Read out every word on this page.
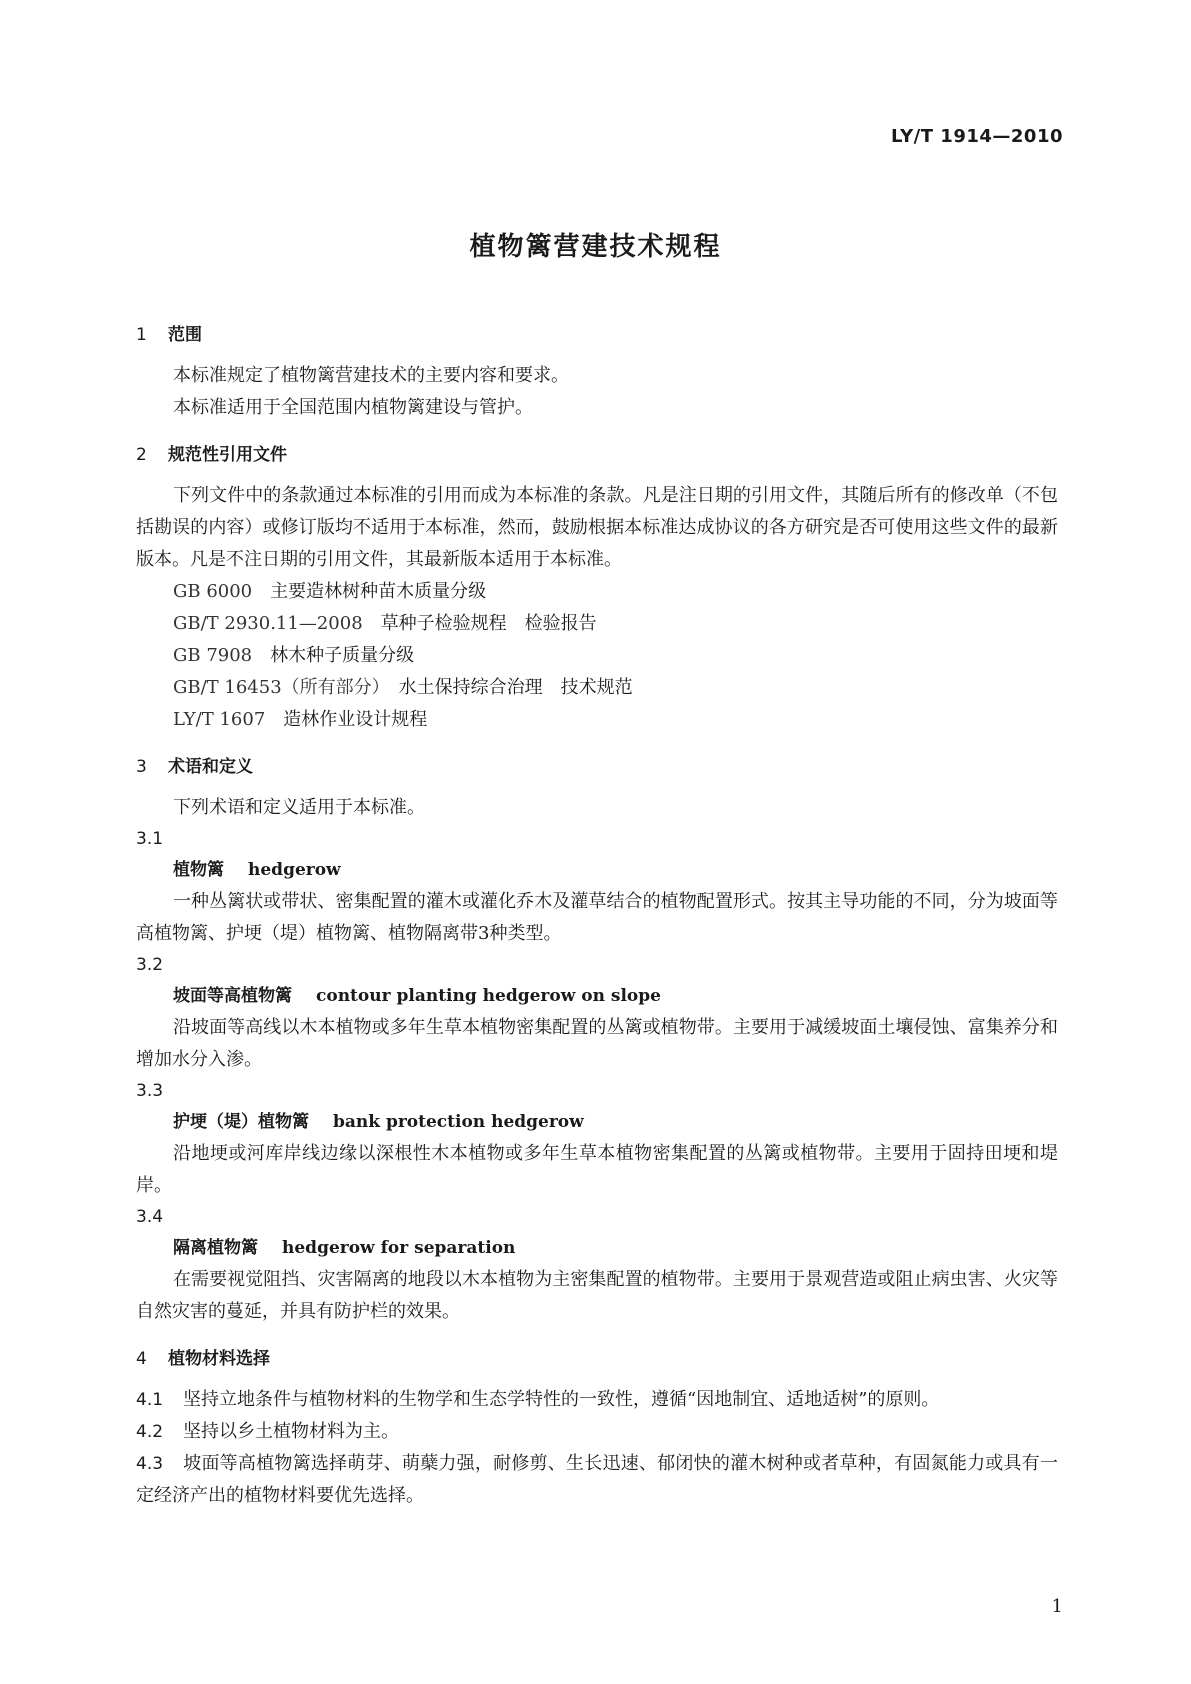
LY/T 1914—2010
植物篱营建技术规程
1 范围

本标准规定了植物篱营建技术的主要内容和要求。

本标准适用于全国范围内植物篱建设与管护。

2 规范性引用文件

下列文件中的条款通过本标准的引用而成为本标准的条款。凡是注日期的引用文件，其随后所有的修改单（不包括勘误的内容）或修订版均不适用于本标准，然而，鼓励根据本标准达成协议的各方研究是否可使用这些文件的最新版本。凡是不注日期的引用文件，其最新版本适用于本标准。

GB 6000　 主要造林树种苗木质量分级

GB/T 2930.11—2008　 草种子检验规程　检验报告

GB 7908　 林木种子质量分级

GB/T 16453（所有部分）　 水土保持综合治理　技术规范

LY/T 1607　 造林作业设计规程

3 术语和定义

下列术语和定义适用于本标准。

3.1

植物篱 hedgerow

一种丛篱状或带状、密集配置的灌木或灌化乔木及灌草结合的植物配置形式。按其主导功能的不同，分为坡面等高植物篱、护埂（堤）植物篱、植物隔离带3种类型。

3.2

坡面等高植物篱 contour planting hedgerow on slope

沿坡面等高线以木本植物或多年生草本植物密集配置的丛篱或植物带。主要用于减缓坡面土壤侵蚀、富集养分和增加水分入渗。

3.3

护埂（堤）植物篱 bank protection hedgerow

沿地埂或河库岸线边缘以深根性木本植物或多年生草本植物密集配置的丛篱或植物带。主要用于固持田埂和堤岸。

3.4

隔离植物篱 hedgerow for separation

在需要视觉阻挡、灾害隔离的地段以木本植物为主密集配置的植物带。主要用于景观营造或阻止病虫害、火灾等自然灾害的蔓延，并具有防护栏的效果。

4 植物材料选择

4.1 坚持立地条件与植物材料的生物学和生态学特性的一致性，遵循“因地制宜、适地适树”的原则。

4.2 坚持以乡土植物材料为主。

4.3 坡面等高植物篱选择萌芽、萌蘖力强，耐修剪、生长迅速、郁闭快的灌木树种或者草种，有固氮能力或具有一定经济产出的植物材料要优先选择。

1
